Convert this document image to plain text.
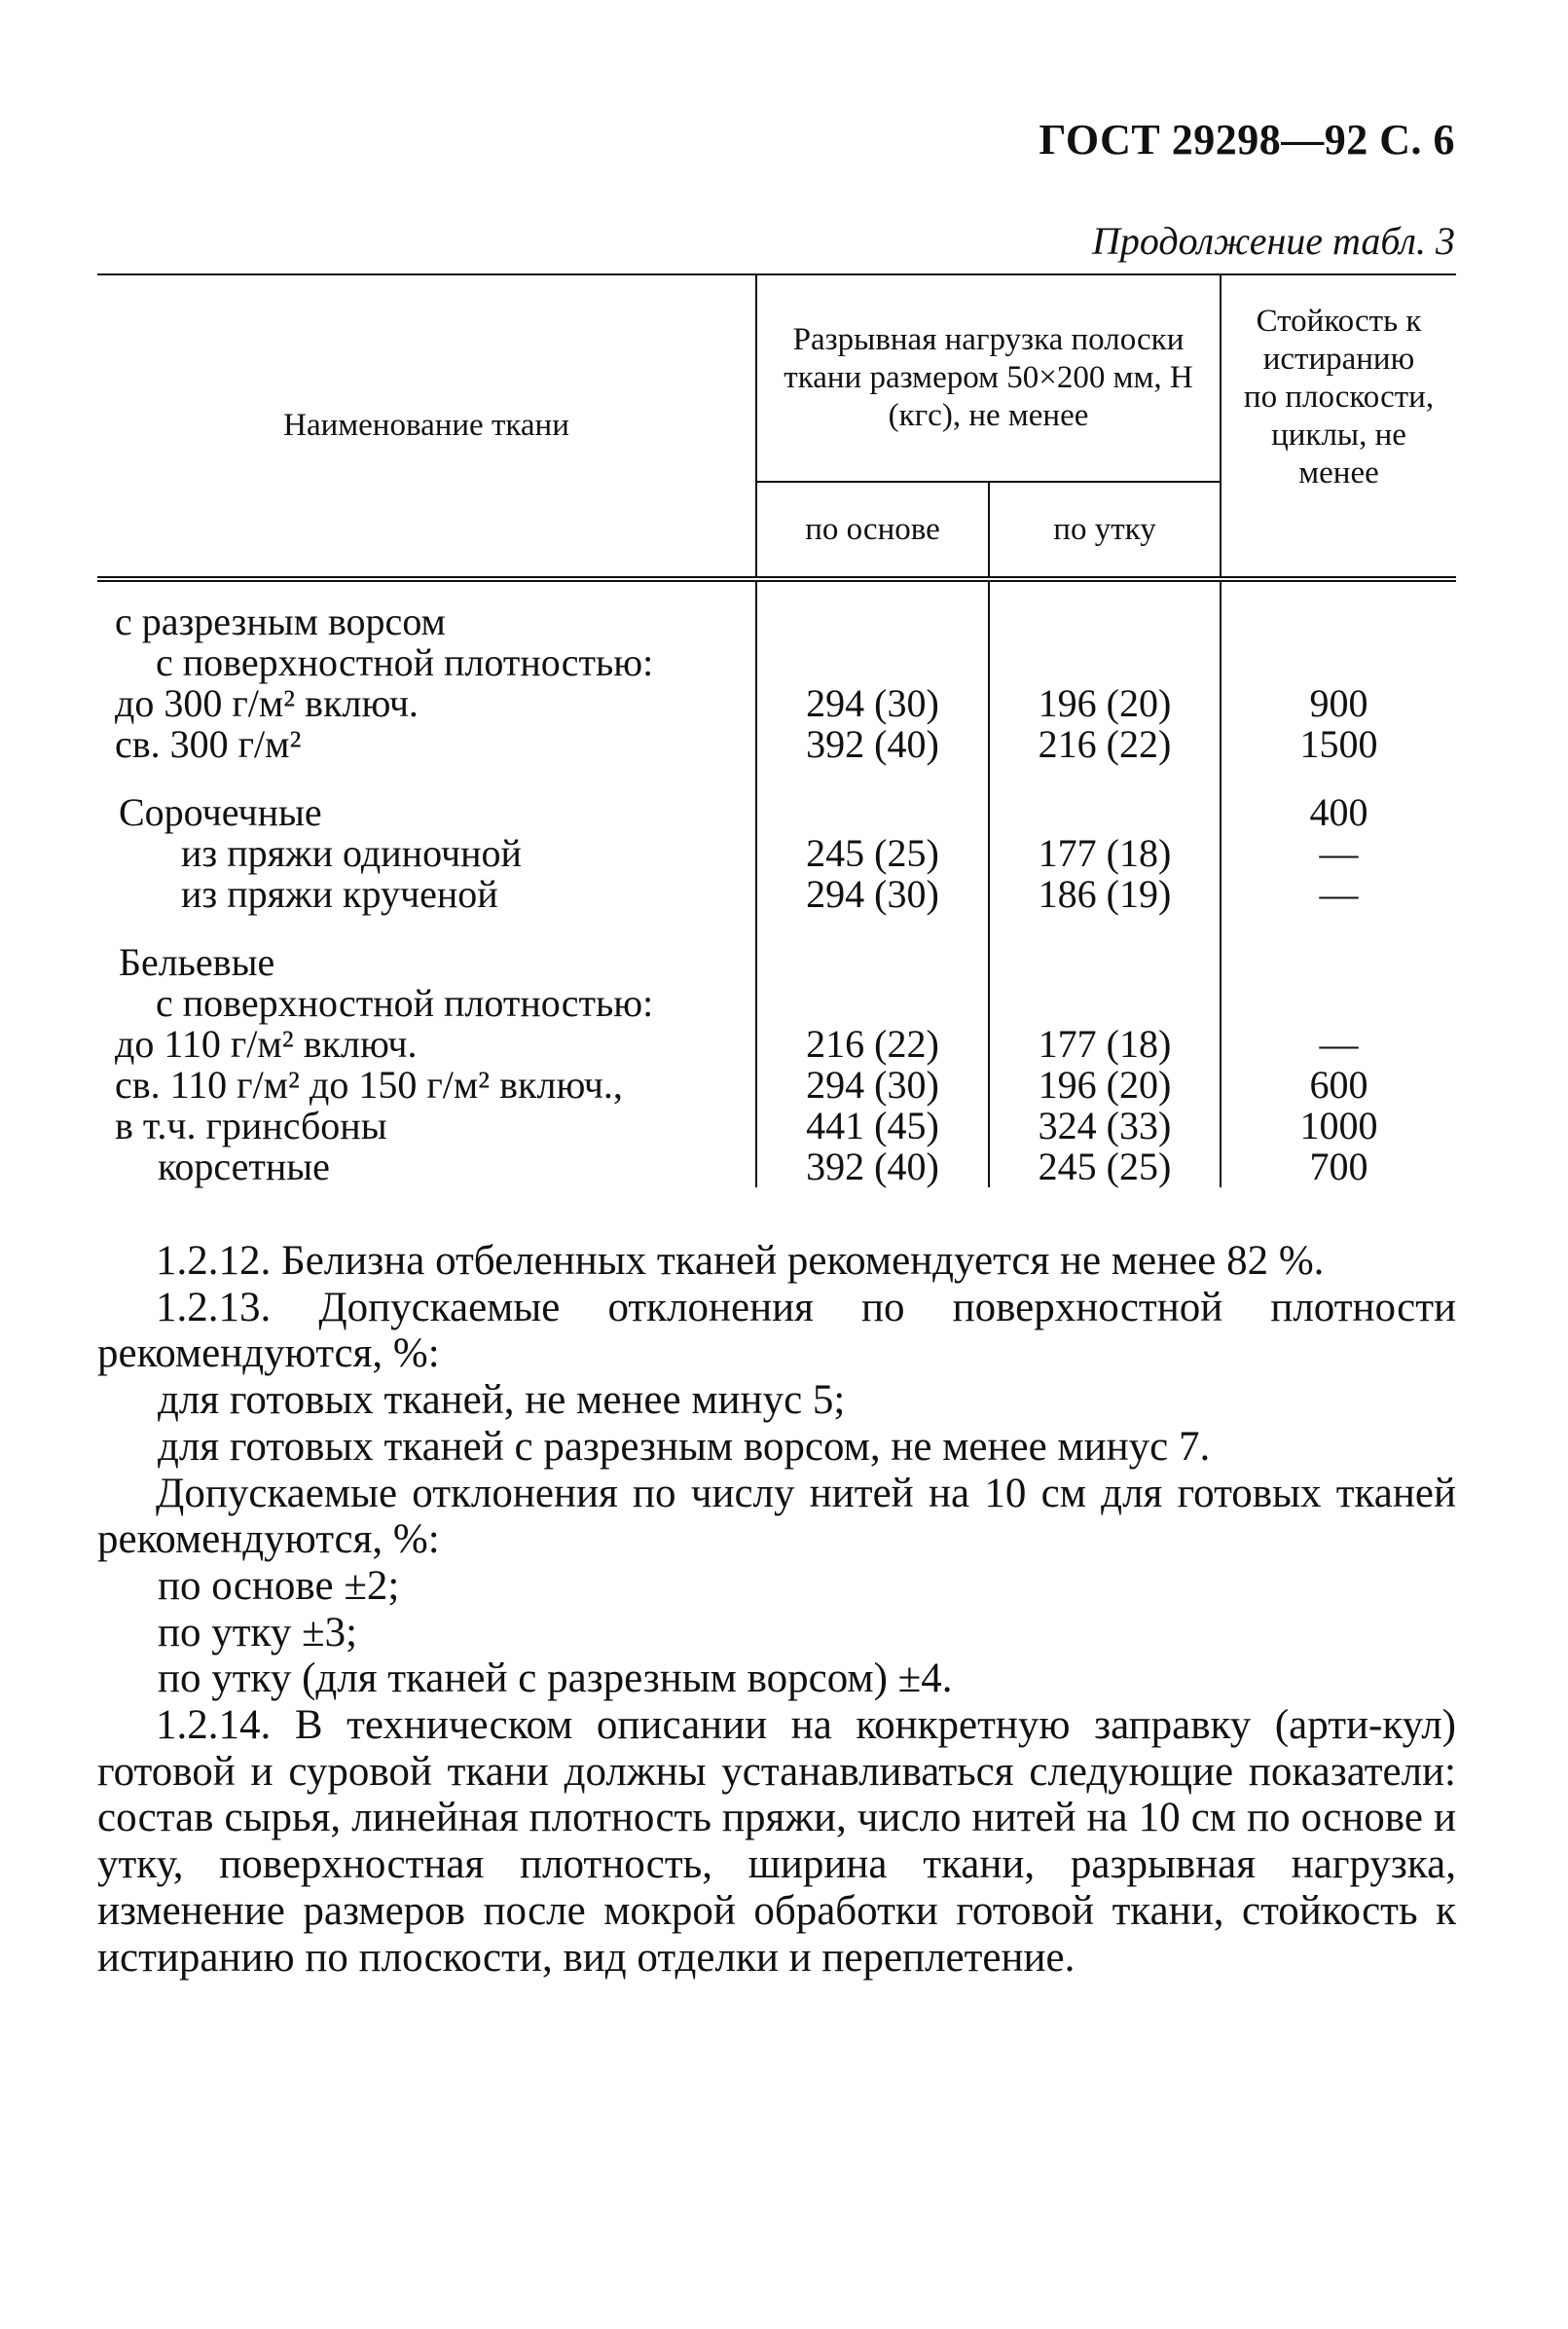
ГОСТ 29298—92 С. 6
Продолжение табл. 3
Наименование ткани	Разрывная нагрузка полоски ткани размером 50×200 мм, Н (кгс), не менее		Стойкость к истиранию по плоскости, циклы, не менее

	по основе	по утку	
с разрезным ворсом			
с поверхностной плотностью:			
до 300 г/м² включ.	294 (30)	196 (20)	900
св. 300 г/м²	392 (40)	216 (22)	1500

Сорочечные			400
из пряжи одиночной	245 (25)	177 (18)	—
из пряжи крученой	294 (30)	186 (19)	—

Бельевые			
с поверхностной плотностью:			
до 110 г/м² включ.	216 (22)	177 (18)	—
св. 110 г/м² до 150 г/м² включ.,	294 (30)	196 (20)	600
в т.ч. гринсбоны	441 (45)	324 (33)	1000
корсетные	392 (40)	245 (25)	700

1.2.12. Белизна отбеленных тканей рекомендуется не менее 82 %.

1.2.13. Допускаемые отклонения по поверхностной плотности рекомендуются, %:

для готовых тканей, не менее минус 5;

для готовых тканей с разрезным ворсом, не менее минус 7.

Допускаемые отклонения по числу нитей на 10 см для готовых тканей рекомендуются, %:

по основе ±2;

по утку ±3;

по утку (для тканей с разрезным ворсом) ±4.

1.2.14. В техническом описании на конкретную заправку (арти-кул) готовой и суровой ткани должны устанавливаться следующие показатели: состав сырья, линейная плотность пряжи, число нитей на 10 см по основе и утку, поверхностная плотность, ширина ткани, разрывная нагрузка, изменение размеров после мокрой обработки готовой ткани, стойкость к истиранию по плоскости, вид отделки и переплетение.
